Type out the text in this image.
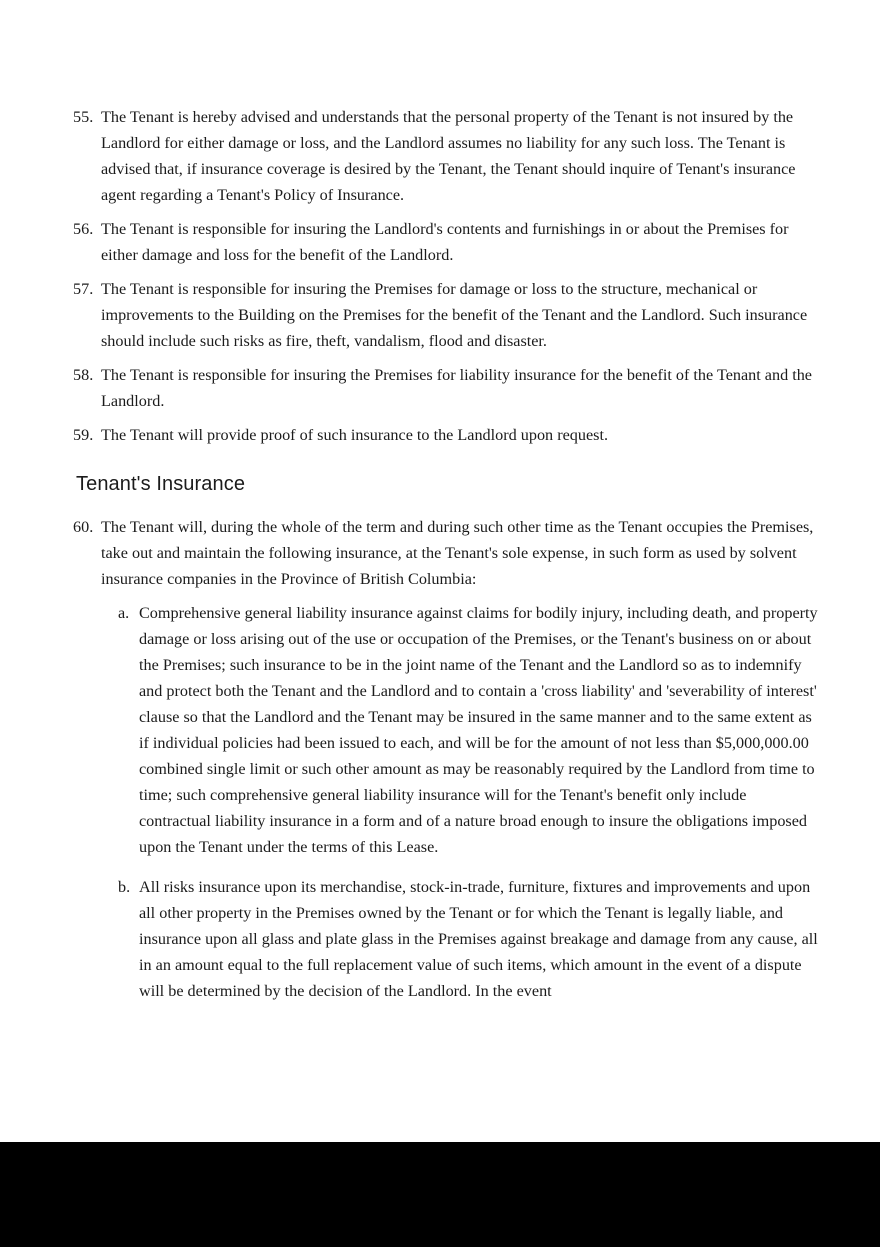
55. The Tenant is hereby advised and understands that the personal property of the Tenant is not insured by the Landlord for either damage or loss, and the Landlord assumes no liability for any such loss. The Tenant is advised that, if insurance coverage is desired by the Tenant, the Tenant should inquire of Tenant's insurance agent regarding a Tenant's Policy of Insurance.
56. The Tenant is responsible for insuring the Landlord's contents and furnishings in or about the Premises for either damage and loss for the benefit of the Landlord.
57. The Tenant is responsible for insuring the Premises for damage or loss to the structure, mechanical or improvements to the Building on the Premises for the benefit of the Tenant and the Landlord. Such insurance should include such risks as fire, theft, vandalism, flood and disaster.
58. The Tenant is responsible for insuring the Premises for liability insurance for the benefit of the Tenant and the Landlord.
59. The Tenant will provide proof of such insurance to the Landlord upon request.
Tenant's Insurance
60. The Tenant will, during the whole of the term and during such other time as the Tenant occupies the Premises, take out and maintain the following insurance, at the Tenant's sole expense, in such form as used by solvent insurance companies in the Province of British Columbia:
a. Comprehensive general liability insurance against claims for bodily injury, including death, and property damage or loss arising out of the use or occupation of the Premises, or the Tenant's business on or about the Premises; such insurance to be in the joint name of the Tenant and the Landlord so as to indemnify and protect both the Tenant and the Landlord and to contain a 'cross liability' and 'severability of interest' clause so that the Landlord and the Tenant may be insured in the same manner and to the same extent as if individual policies had been issued to each, and will be for the amount of not less than $5,000,000.00 combined single limit or such other amount as may be reasonably required by the Landlord from time to time; such comprehensive general liability insurance will for the Tenant's benefit only include contractual liability insurance in a form and of a nature broad enough to insure the obligations imposed upon the Tenant under the terms of this Lease.
b. All risks insurance upon its merchandise, stock-in-trade, furniture, fixtures and improvements and upon all other property in the Premises owned by the Tenant or for which the Tenant is legally liable, and insurance upon all glass and plate glass in the Premises against breakage and damage from any cause, all in an amount equal to the full replacement value of such items, which amount in the event of a dispute will be determined by the decision of the Landlord. In the event
